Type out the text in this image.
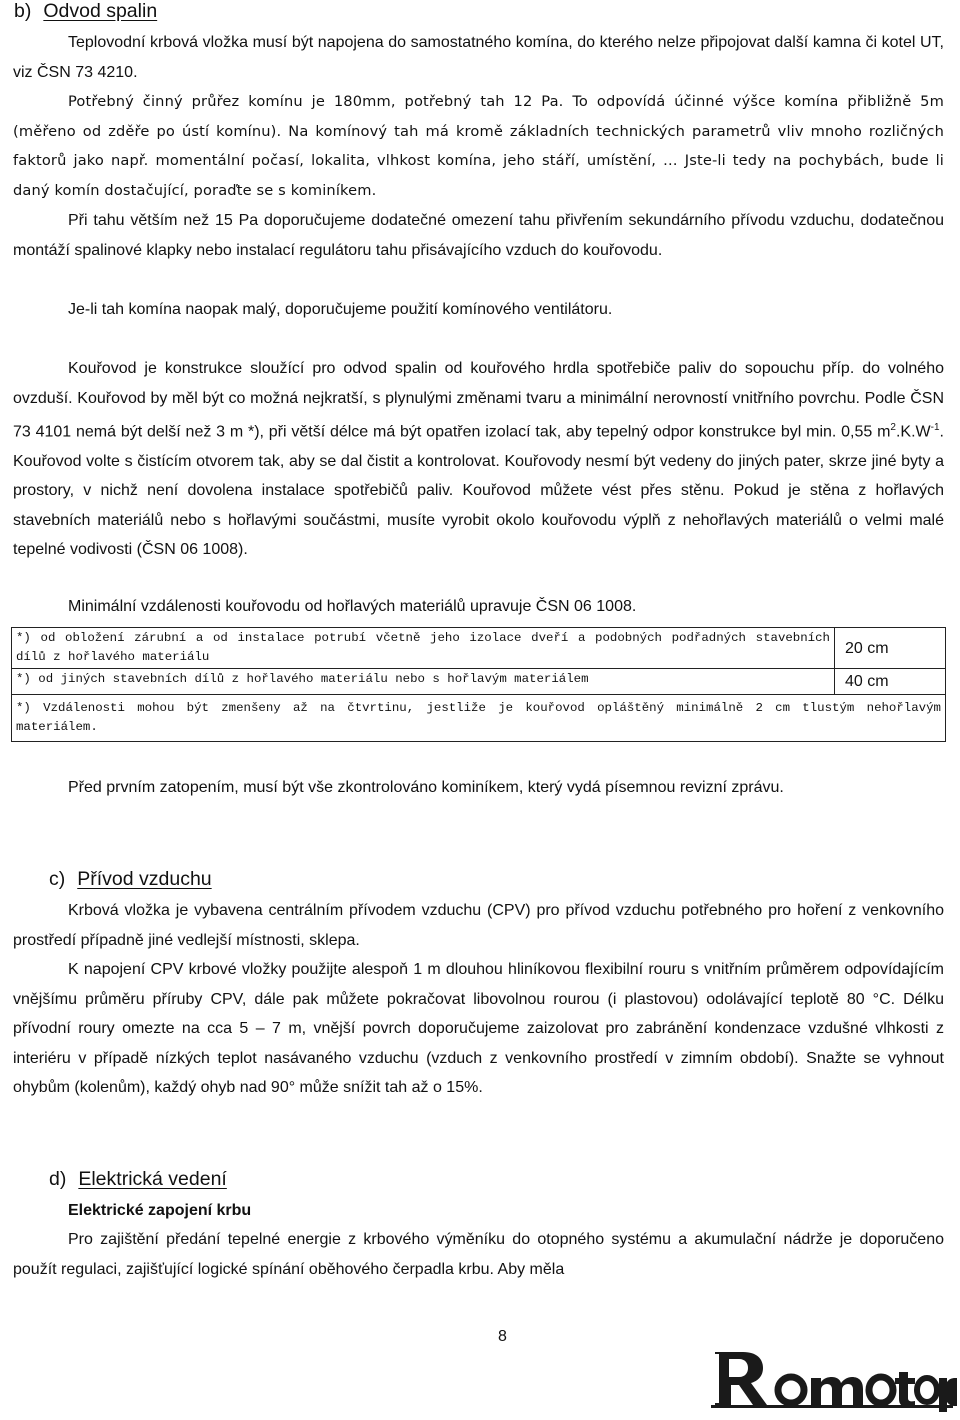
b) Odvod spalin
Teplovodní krbová vložka musí být napojena do samostatného komína, do kterého nelze připojovat další kamna či kotel UT, viz ČSN 73 4210.
Potřebný činný průřez komínu je 180mm, potřebný tah 12 Pa. To odpovídá účinné výšce komína přibližně 5m (měřeno od zděře po ústí komínu). Na komínový tah má kromě základních technických parametrů vliv mnoho rozličných faktorů jako např. momentální počasí, lokalita, vlhkost komína, jeho stáří, umístění, … Jste-li tedy na pochybách, bude li daný komín dostačující, poraďte se s kominíkem.
Při tahu větším než 15 Pa doporučujeme dodatečné omezení tahu přivřením sekundárního přívodu vzduchu, dodatečnou montáží spalinové klapky nebo instalací regulátoru tahu přisávajícího vzduch do kouřovodu.
Je-li tah komína naopak malý, doporučujeme použití komínového ventilátoru.
Kouřovod je konstrukce sloužící pro odvod spalin od kouřového hrdla spotřebiče paliv do sopouchu příp. do volného ovzduší. Kouřovod by měl být co možná nejkratší, s plynulými změnami tvaru a minimální nerovností vnitřního povrchu. Podle ČSN 73 4101 nemá být delší než 3 m *), při větší délce má být opatřen izolací tak, aby tepelný odpor konstrukce byl min. 0,55 $m^2.K.W^{-1}$. Kouřovod volte s čistícím otvorem tak, aby se dal čistit a kontrolovat. Kouřovody nesmí být vedeny do jiných pater, skrze jiné byty a prostory, v nichž není dovolena instalace spotřebičů paliv. Kouřovod můžete vést přes stěnu. Pokud je stěna z hořlavých stavebních materiálů nebo s hořlavými součástmi, musíte vyrobit okolo kouřovodu výplň z nehořlavých materiálů o velmi malé tepelné vodivosti (ČSN 06 1008).
Minimální vzdálenosti kouřovodu od hořlavých materiálů upravuje ČSN 06 1008.
*) od obložení zárubní a od instalace potrubí včetně jeho izolace dveří a podobných podřadných stavebních dílů z hořlavého materiálu	20 cm
*) od jiných stavebních dílů z hořlavého materiálu nebo s hořlavým materiálem	40 cm
*) Vzdálenosti mohou být zmenšeny až na čtvrtinu, jestliže je kouřovod opláštěný minimálně 2 cm tlustým nehořlavým materiálem.	
Před prvním zatopením, musí být vše zkontrolováno kominíkem, který vydá písemnou revizní zprávu.
c) Přívod vzduchu
Krbová vložka je vybavena centrálním přívodem vzduchu (CPV) pro přívod vzduchu potřebného pro hoření z venkovního prostředí případně jiné vedlejší místnosti, sklepa.
K napojení CPV krbové vložky použijte alespoň 1 m dlouhou hliníkovou flexibilní rouru s vnitřním průměrem odpovídajícím vnějšímu průměru příruby CPV, dále pak můžete pokračovat libovolnou rourou (i plastovou) odolávající teplotě 80 °C. Délku přívodní roury omezte na cca 5 – 7 m, vnější povrch doporučujeme zaizolovat pro zabránění kondenzace vzdušné vlhkosti z interiéru v případě nízkých teplot nasávaného vzduchu (vzduch z venkovního prostředí v zimním období). Snažte se vyhnout ohybům (kolenům), každý ohyb nad 90° může snížit tah až o 15%.
d) Elektrická vedení
Elektrické zapojení krbu
Pro zajištění předání tepelné energie z krbového výměníku do otopného systému a akumulační nádrže je doporučeno použít regulaci, zajišťující logické spínání oběhového čerpadla krbu. Aby měla
8
